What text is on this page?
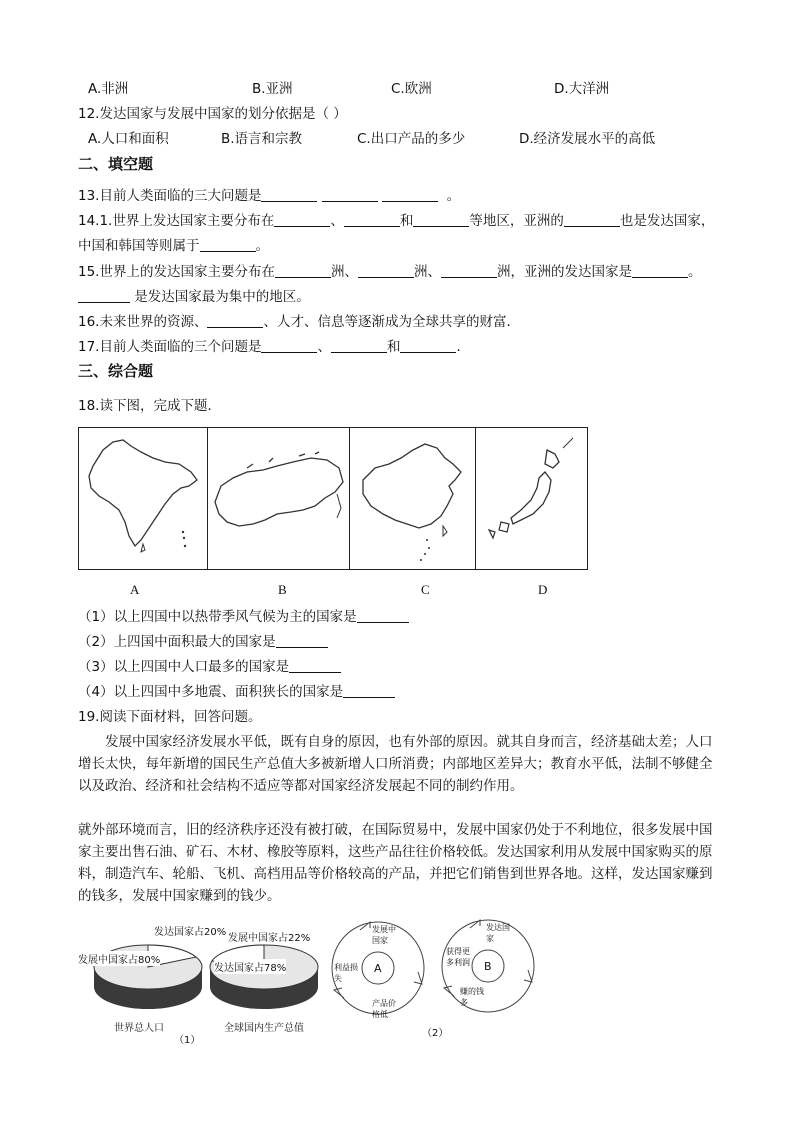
A.非洲	B.亚洲	C.欧洲	D.大洋洲
12.发达国家与发展中国家的划分依据是（ ）
A.人口和面积	B.语言和宗教	C.出口产品的多少	D.经济发展水平的高低
二、填空题
13.目前人类面临的三大问题是	。
14.1.世界上发达国家主要分布在	、	和	等地区，亚洲的	也是发达国家，
中国和韩国等则属于	。
15.世界上的发达国家主要分布在	洲、	洲、	洲，亚洲的发达国家是	。
是发达国家最为集中的地区。
16.未来世界的资源、	、人才、信息等逐渐成为全球共享的财富．
17.目前人类面临的三个问题是	、	和	．
三、综合题
18.读下图，完成下题．
A	B	C	D
（1）以上四国中以热带季风气候为主的国家是
（2）上四国中面积最大的国家是
（3）以上四国中人口最多的国家是
（4）以上四国中多地震、面积狭长的国家是
19.阅读下面材料，回答问题。
发展中国家经济发展水平低，既有自身的原因，也有外部的原因。就其自身而言，经济基础太差；人口增长太快，每年新增的国民生产总值大多被新增人口所消费；内部地区差异大；教育水平低，法制不够健全以及政治、经济和社会结构不适应等都对国家经济发展起不同的制约作用。
就外部环境而言，旧的经济秩序还没有被打破，在国际贸易中，发展中国家仍处于不利地位，很多发展中国家主要出售石油、矿石、木材、橡胶等原料，这些产品往往价格较低。发达国家利用从发展中国家购买的原料，制造汽车、轮船、飞机、高档用品等价格较高的产品，并把它们销售到世界各地。这样，发达国家赚到的钱多，发展中国家赚到的钱少。
发达国家占20%
发展中国家占80%
世界总人口
发展中国家占22%
发达国家占78%
全球国内生产总值
（1）
A
发展中国家
产品价格低
利益损失
B
发达国家
赚的钱多
获得更多利润
（2）
